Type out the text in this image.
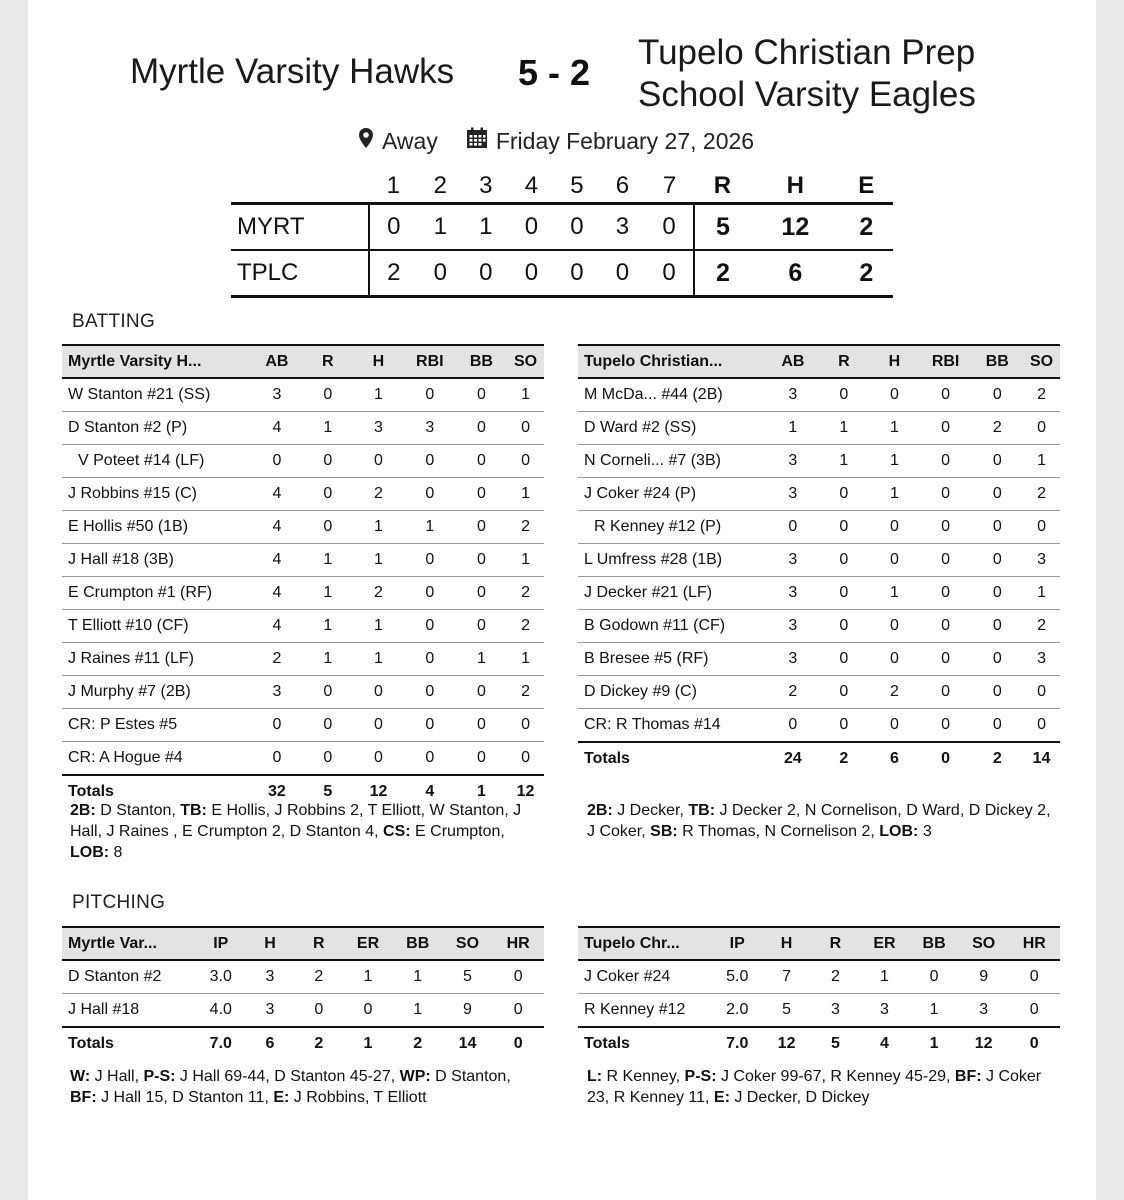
Myrtle Varsity Hawks 5 - 2 Tupelo Christian Prep
School Varsity Eagles
Away	Friday February 27, 2026
	1	2	3	4	5	6	7	R	H	E
MYRT	0	1	1	0	0	3	0	5	12	2
TPLC	2	0	0	0	0	0	0	2	6	2
BATTING
Myrtle Varsity H...	AB	R	H	RBI	BB	SO
W Stanton #21 (SS)	3	0	1	0	0	1
D Stanton #2 (P)	4	1	3	3	0	0
V Poteet #14 (LF)	0	0	0	0	0	0
J Robbins #15 (C)	4	0	2	0	0	1
E Hollis #50 (1B)	4	0	1	1	0	2
J Hall #18 (3B)	4	1	1	0	0	1
E Crumpton #1 (RF)	4	1	2	0	0	2
T Elliott #10 (CF)	4	1	1	0	0	2
J Raines #11 (LF)	2	1	1	0	1	1
J Murphy #7 (2B)	3	0	0	0	0	2
CR: P Estes #5	0	0	0	0	0	0
CR: A Hogue #4	0	0	0	0	0	0
Totals	32	5	12	4	1	12
Tupelo Christian...	AB	R	H	RBI	BB	SO
M McDa... #44 (2B)	3	0	0	0	0	2
D Ward #2 (SS)	1	1	1	0	2	0
N Corneli... #7 (3B)	3	1	1	0	0	1
J Coker #24 (P)	3	0	1	0	0	2
R Kenney #12 (P)	0	0	0	0	0	0
L Umfress #28 (1B)	3	0	0	0	0	3
J Decker #21 (LF)	3	0	1	0	0	1
B Godown #11 (CF)	3	0	0	0	0	2
B Bresee #5 (RF)	3	0	0	0	0	3
D Dickey #9 (C)	2	0	2	0	0	0
CR: R Thomas #14	0	0	0	0	0	0
Totals	24	2	6	0	2	14
2B: D Stanton, TB: E Hollis, J Robbins 2, T Elliott, W Stanton, J Hall, J Raines , E Crumpton 2, D Stanton 4, CS: E Crumpton, LOB: 8
2B: J Decker, TB: J Decker 2, N Cornelison, D Ward, D Dickey 2, J Coker, SB: R Thomas, N Cornelison 2, LOB: 3
PITCHING
Myrtle Var...	IP	H	R	ER	BB	SO	HR
D Stanton #2	3.0	3	2	1	1	5	0
J Hall #18	4.0	3	0	0	1	9	0
Totals	7.0	6	2	1	2	14	0
Tupelo Chr...	IP	H	R	ER	BB	SO	HR
J Coker #24	5.0	7	2	1	0	9	0
R Kenney #12	2.0	5	3	3	1	3	0
Totals	7.0	12	5	4	1	12	0
W: J Hall, P-S: J Hall 69-44, D Stanton 45-27, WP: D Stanton, BF: J Hall 15, D Stanton 11, E: J Robbins, T Elliott
L: R Kenney, P-S: J Coker 99-67, R Kenney 45-29, BF: J Coker 23, R Kenney 11, E: J Decker, D Dickey
